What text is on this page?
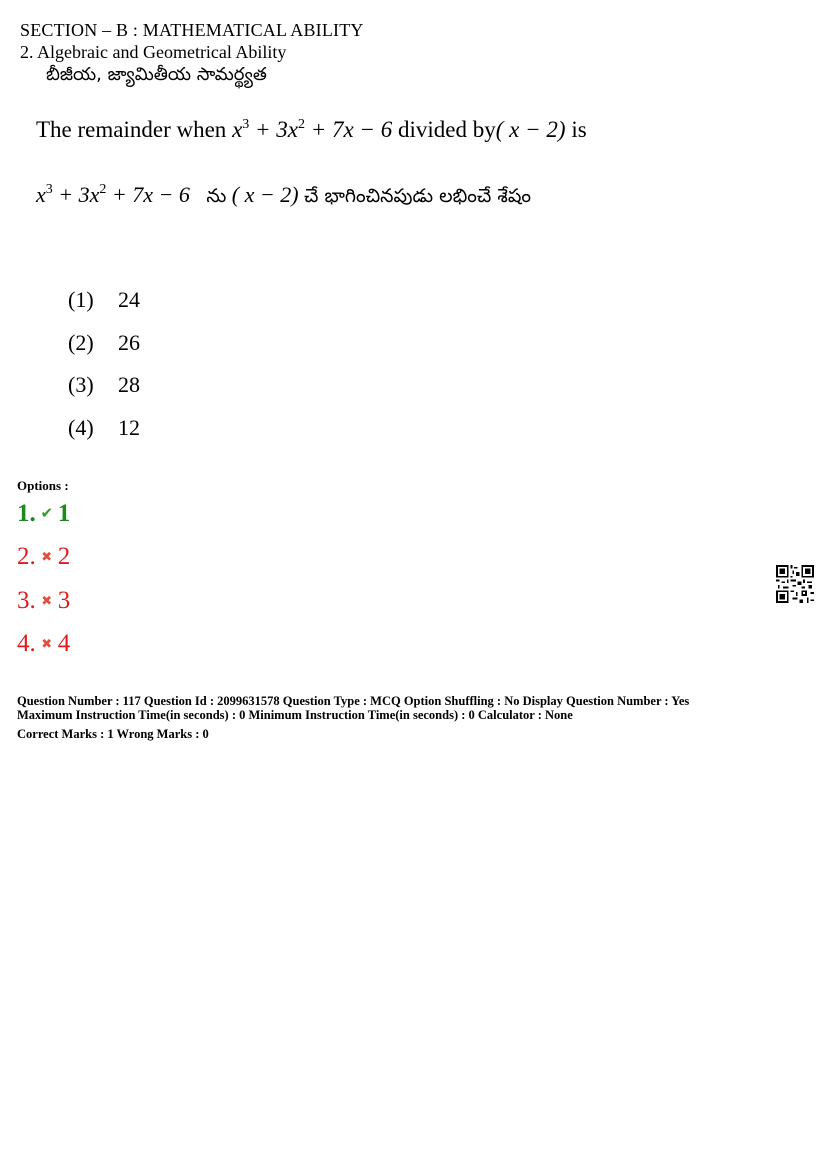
SECTION – B : MATHEMATICAL ABILITY
2. Algebraic and Geometrical Ability
బీజీయ, జ్యామితీయ సామర్థ్యత
The remainder when $x^3 + 3x^2 + 7x - 6$ divided by( x − 2) is
$x^3 + 3x^2 + 7x - 6$ ను ( x − 2) చే భాగించినపుడు లభించే శేషం
(1) 24
(2) 26
(3) 28
(4) 12
Options :
1. ✔ 1
2. ✖ 2
3. ✖ 3
4. ✖ 4
Question Number : 117 Question Id : 2099631578 Question Type : MCQ Option Shuffling : No Display Question Number : Yes
Maximum Instruction Time(in seconds) : 0 Minimum Instruction Time(in seconds) : 0 Calculator : None
Correct Marks : 1 Wrong Marks : 0
